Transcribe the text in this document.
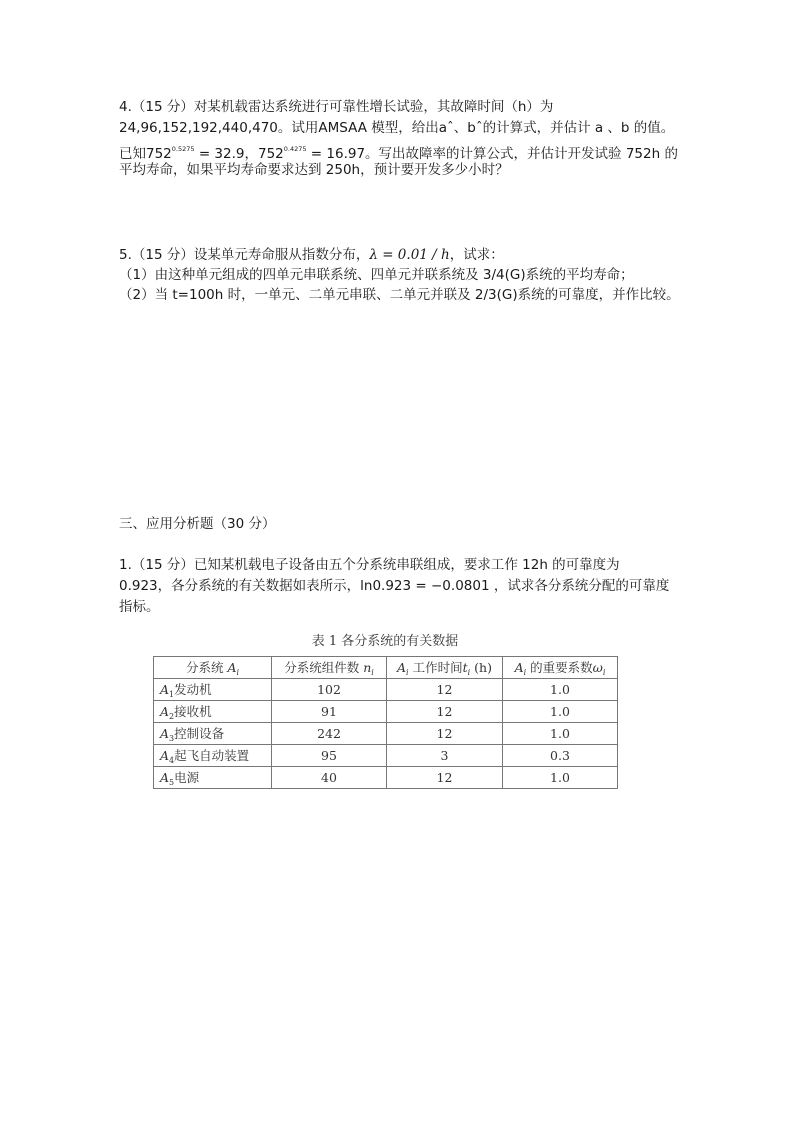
4.（15 分）对某机载雷达系统进行可靠性增长试验，其故障时间（h）为
24,96,152,192,440,470。试用AMSAA 模型，给出aˆ、bˆ的计算式，并估计 a 、b 的值。
已知$752^{0.5275} = 32.9$，$752^{0.4275} = 16.97$。写出故障率的计算公式，并估计开发试验 752h 的
平均寿命，如果平均寿命要求达到 250h，预计要开发多少小时？
5.（15 分）设某单元寿命服从指数分布，λ = 0.01 / h，试求：
（1）由这种单元组成的四单元串联系统、四单元并联系统及 3/4(G)系统的平均寿命；
（2）当 t=100h 时，一单元、二单元串联、二单元并联及 2/3(G)系统的可靠度，并作比较。
三、应用分析题（30 分）
1.（15 分）已知某机载电子设备由五个分系统串联组成，要求工作 12h 的可靠度为
0.923，各分系统的有关数据如表所示，ln0.923 = −0.0801 ，试求各分系统分配的可靠度
指标。
表 1 各分系统的有关数据
分系统 $A_i$	分系统组件数 $n_i$	$A_i$ 工作时间$t_i$ (h)	$A_i$ 的重要系数$\omega_i$
$A_1$发动机	102	12	1.0
$A_2$接收机	91	12	1.0
$A_3$控制设备	242	12	1.0
$A_4$起飞自动装置	95	3	0.3
$A_5$电源	40	12	1.0
